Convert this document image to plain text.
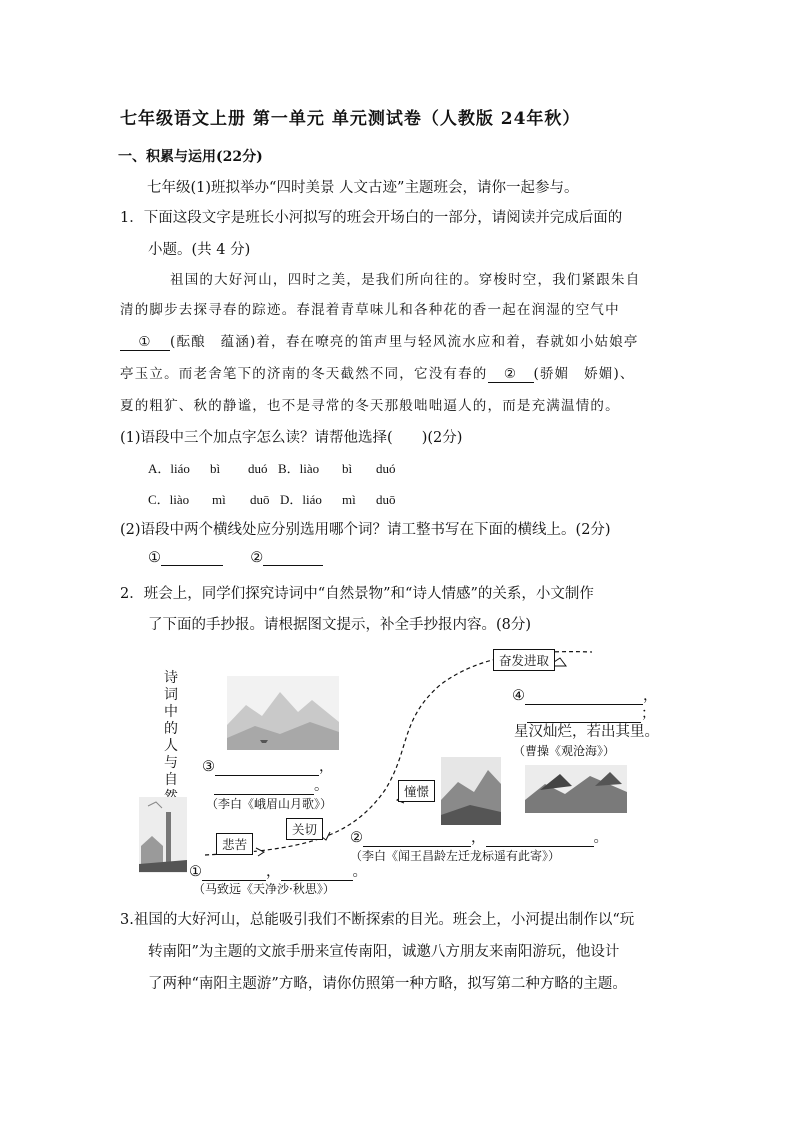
七年级语文上册 第一单元 单元测试卷（人教版 24年秋）
一、积累与运用(22分)
七年级(1)班拟举办“四时美景 人文古迹”主题班会，请你一起参与。
1．下面这段文字是班长小河拟写的班会开场白的一部分，请阅读并完成后面的
小题。(共 4 分)
祖国的大好河山，四时之美，是我们所向往的。穿梭时空，我们紧跟朱自
清的脚步去探寻春的踪迹。春混着青草味儿和各种花的香一起在润湿的空气中
① (酝酿　蕴涵)着，春在嘹亮的笛声里与轻风流水应和着，春就如小姑娘亭
亭玉立。而老舍笔下的济南的冬天截然不同，它没有春的 ② (骄媚　娇媚)、
夏的粗犷、秋的静谧，也不是寻常的冬天那般咄咄逼人的，而是充满温情的。
(1)语段中三个加点字怎么读？请帮他选择(　　)(2分)
A．liáo bì duó B．liào bì duó
C．liào mì duō D．liáo mì duō
(2)语段中两个横线处应分别选用哪个词？请工整书写在下面的横线上。(2分)
①	②
2．班会上，同学们探究诗词中“自然景物”和“诗人情感”的关系，小文制作
了下面的手抄报。请根据图文提示，补全手抄报内容。(8分)
诗词中的人与自
奋发进取
憧憬
关切
悲苦
④	，
；
星汉灿烂，若出其里。
（曹操《观沧海》）
③	，
。
（李白《峨眉山月歌》）
②	，	。
（李白《闻王昌龄左迁龙标遥有此寄》）
①	，	。
（马致远《天净沙·秋思》）
3.祖国的大好河山，总能吸引我们不断探索的目光。班会上，小河提出制作以“玩
转南阳”为主题的文旅手册来宣传南阳，诚邀八方朋友来南阳游玩，他设计
了两种“南阳主题游”方略，请你仿照第一种方略，拟写第二种方略的主题。
